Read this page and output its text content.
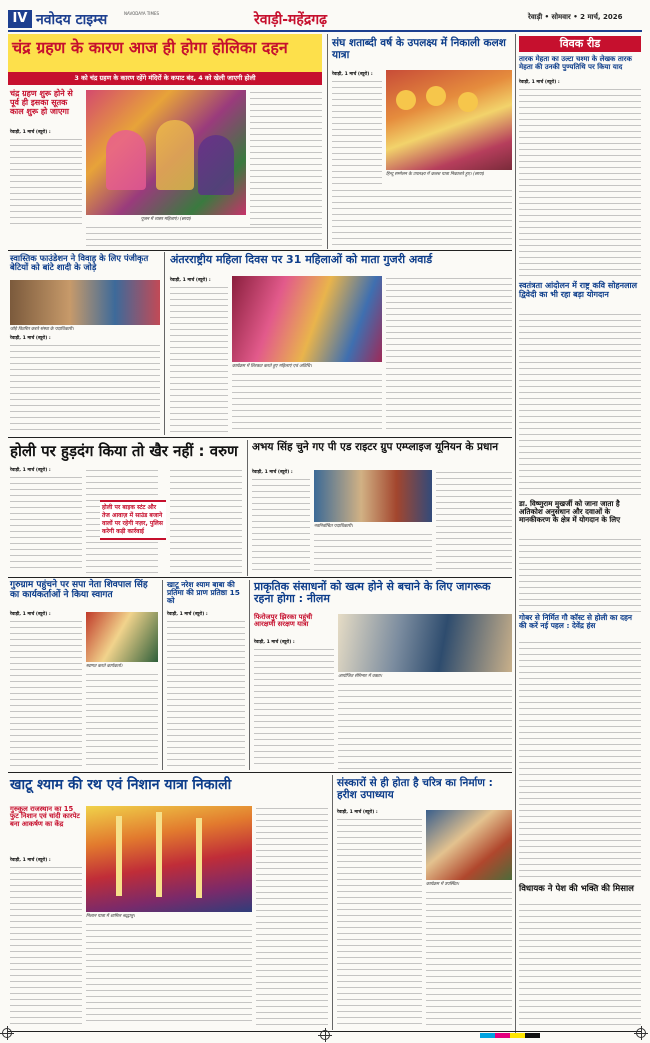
IV नवोदय टाइम्स	NAVODAYA TIMES	रेवाड़ी-महेंद्रगढ़	रेवाड़ी • सोमवार • 2 मार्च, 2026
चंद्र ग्रहण के कारण आज ही होगा होलिका दहन
3 को चंद्र ग्रहण के कारण रहेंगे मंदिरों के कपाट बंद, 4 को खेली जाएगी होली
चंद्र ग्रहण शुरू होने से पूर्व ही इसका सूतक काल शुरू हो जाएगा
रेवाड़ी, 1 मार्च (ब्यूरो) :
पूजन में व्यस्त महिलाएं। (छाया)
संघ शताब्दी वर्ष के उपलक्ष्य में निकाली कलश यात्रा
रेवाड़ी, 1 मार्च (ब्यूरो) :
हिन्दू सम्मेलन के उपलक्ष्य में कलश यात्रा निकालते हुए। (छाया)
विवक रीड
तारक मेहता का उल्टा चश्मा के लेखक तारक मेहता की उनकी पुण्यतिथि पर किया याद
रेवाड़ी, 1 मार्च (ब्यूरो) :
स्वतंत्रता आंदोलन में राष्ट्र कवि सोहनलाल द्विवेदी का भी रहा बड़ा योगदान
डा. विष्णुराम मुखर्जी को जाना जाता है अतिकोश अनुसंधान और दवाओं के मानकीकरण के क्षेत्र में योगदान के लिए
गोबर से निर्मित गौ कॉस्ट से होली का दहन की करें नई पहल : देवेंद्र हंस
विधायक ने पेश की भक्ति की मिसाल
स्वास्तिक फाउंडेशन ने विवाह के लिए पंजीकृत बेटियों को बांटे शादी के जोड़े
जोड़े वितरित करते संस्था के पदाधिकारी।
रेवाड़ी, 1 मार्च (ब्यूरो) :
अंतरराष्ट्रीय महिला दिवस पर 31 महिलाओं को माता गुजरी अवार्ड
रेवाड़ी, 1 मार्च (ब्यूरो) :
कार्यक्रम में शिरकत करते हुए महिलाएं एवं अतिथि।
होली पर हुड़दंग किया तो खैर नहीं : वरुण
रेवाड़ी, 1 मार्च (ब्यूरो) :
होली पर बाइक स्टंट और तेज आवाज़ में साउंड बजाने वालों पर रहेगी नज़र, पुलिस करेगी कड़ी कार्रवाई
अभय सिंह चुने गए पी एड राइटर ग्रुप एम्प्लाइज यूनियन के प्रधान
रेवाड़ी, 1 मार्च (ब्यूरो) :
नवनिर्वाचित पदाधिकारी।
गुरुग्राम पहुंचने पर सपा नेता शिवपाल सिंह का कार्यकर्ताओं ने किया स्वागत
रेवाड़ी, 1 मार्च (ब्यूरो) :
स्वागत करते कार्यकर्ता।
खाटू नरेश श्याम बाबा की प्रतिमा की प्राण प्रतिष्ठा 15 को
रेवाड़ी, 1 मार्च (ब्यूरो) :
प्राकृतिक संसाधनों को खत्म होने से बचाने के लिए जागरूक रहना होगा : नीलम
फिरोजपुर झिरका पहुंची आरक्षणी सरक्षण यात्रा
रेवाड़ी, 1 मार्च (ब्यूरो) :
आयोजित सेमिनार में वक्ता।
खाटू श्याम की रथ एवं निशान यात्रा निकाली
गुरुकुल राजस्थान का 15 फुट निशान एवं चांदी कारपेट बना आकर्षण का केंद्र
रेवाड़ी, 1 मार्च (ब्यूरो) :
निशान यात्रा में शामिल श्रद्धालु।
संस्कारों से ही होता है चरित्र का निर्माण : हरीश उपाध्याय
रेवाड़ी, 1 मार्च (ब्यूरो) :
कार्यक्रम में उपस्थित।
